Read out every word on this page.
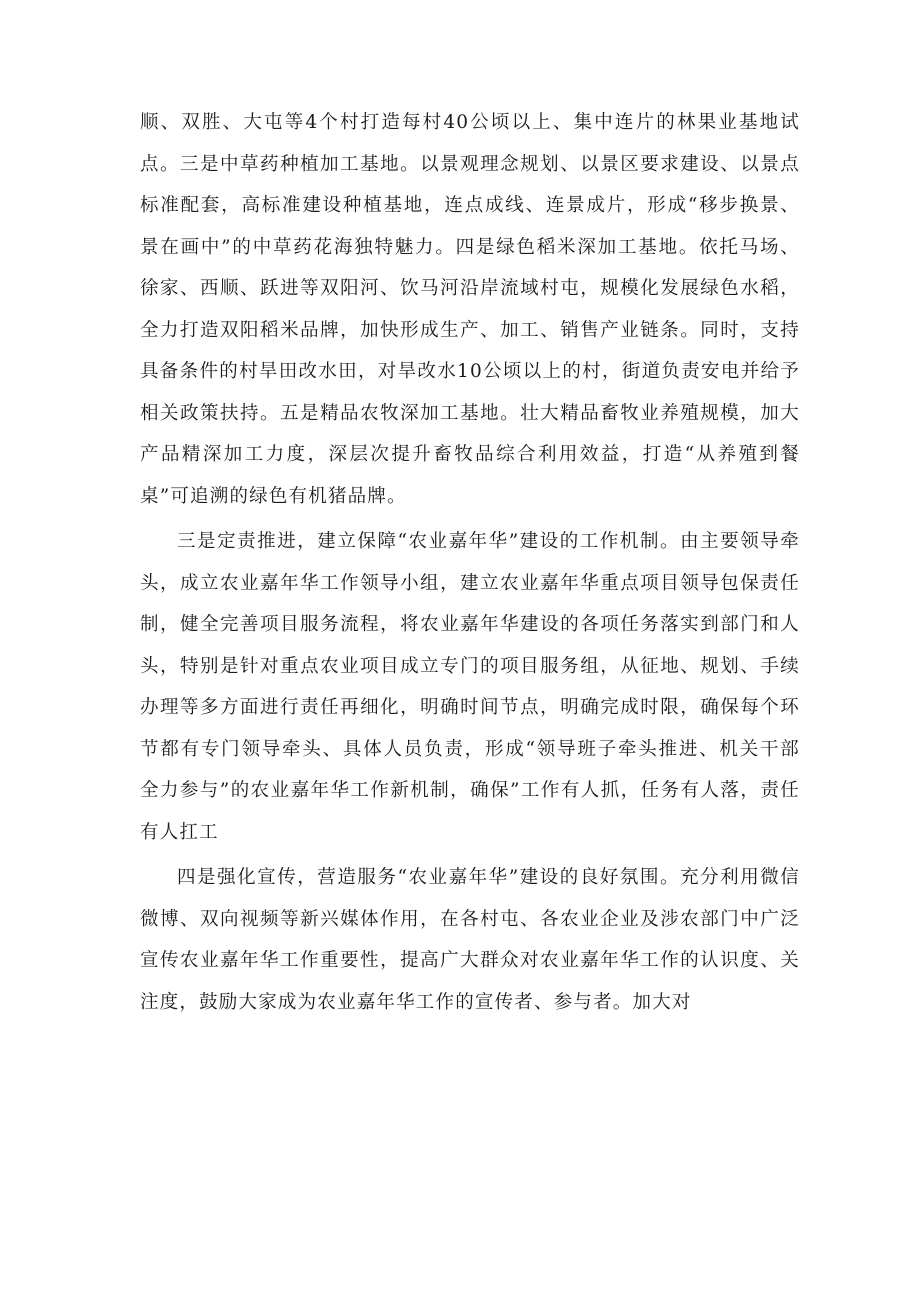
顺、双胜、大屯等4个村打造每村40公顷以上、集中连片的林果业基地试点。三是中草药种植加工基地。以景观理念规划、以景区要求建设、以景点标准配套，高标准建设种植基地，连点成线、连景成片，形成“移步换景、景在画中”的中草药花海独特魅力。四是绿色稻米深加工基地。依托马场、徐家、西顺、跃进等双阳河、饮马河沿岸流域村屯，规模化发展绿色水稻，全力打造双阳稻米品牌，加快形成生产、加工、销售产业链条。同时，支持具备条件的村旱田改水田，对旱改水10公顷以上的村，街道负责安电并给予相关政策扶持。五是精品农牧深加工基地。壮大精品畜牧业养殖规模，加大产品精深加工力度，深层次提升畜牧品综合利用效益，打造“从养殖到餐桌”可追溯的绿色有机猪品牌。

三是定责推进，建立保障“农业嘉年华”建设的工作机制。由主要领导牵头，成立农业嘉年华工作领导小组，建立农业嘉年华重点项目领导包保责任制，健全完善项目服务流程，将农业嘉年华建设的各项任务落实到部门和人头，特别是针对重点农业项目成立专门的项目服务组，从征地、规划、手续办理等多方面进行责任再细化，明确时间节点，明确完成时限，确保每个环节都有专门领导牵头、具体人员负责，形成“领导班子牵头推进、机关干部全力参与”的农业嘉年华工作新机制，确保”工作有人抓，任务有人落，责任有人扛工

四是强化宣传，营造服务“农业嘉年华”建设的良好氛围。充分利用微信微博、双向视频等新兴媒体作用，在各村屯、各农业企业及涉农部门中广泛宣传农业嘉年华工作重要性，提高广大群众对农业嘉年华工作的认识度、关注度，鼓励大家成为农业嘉年华工作的宣传者、参与者。加大对
